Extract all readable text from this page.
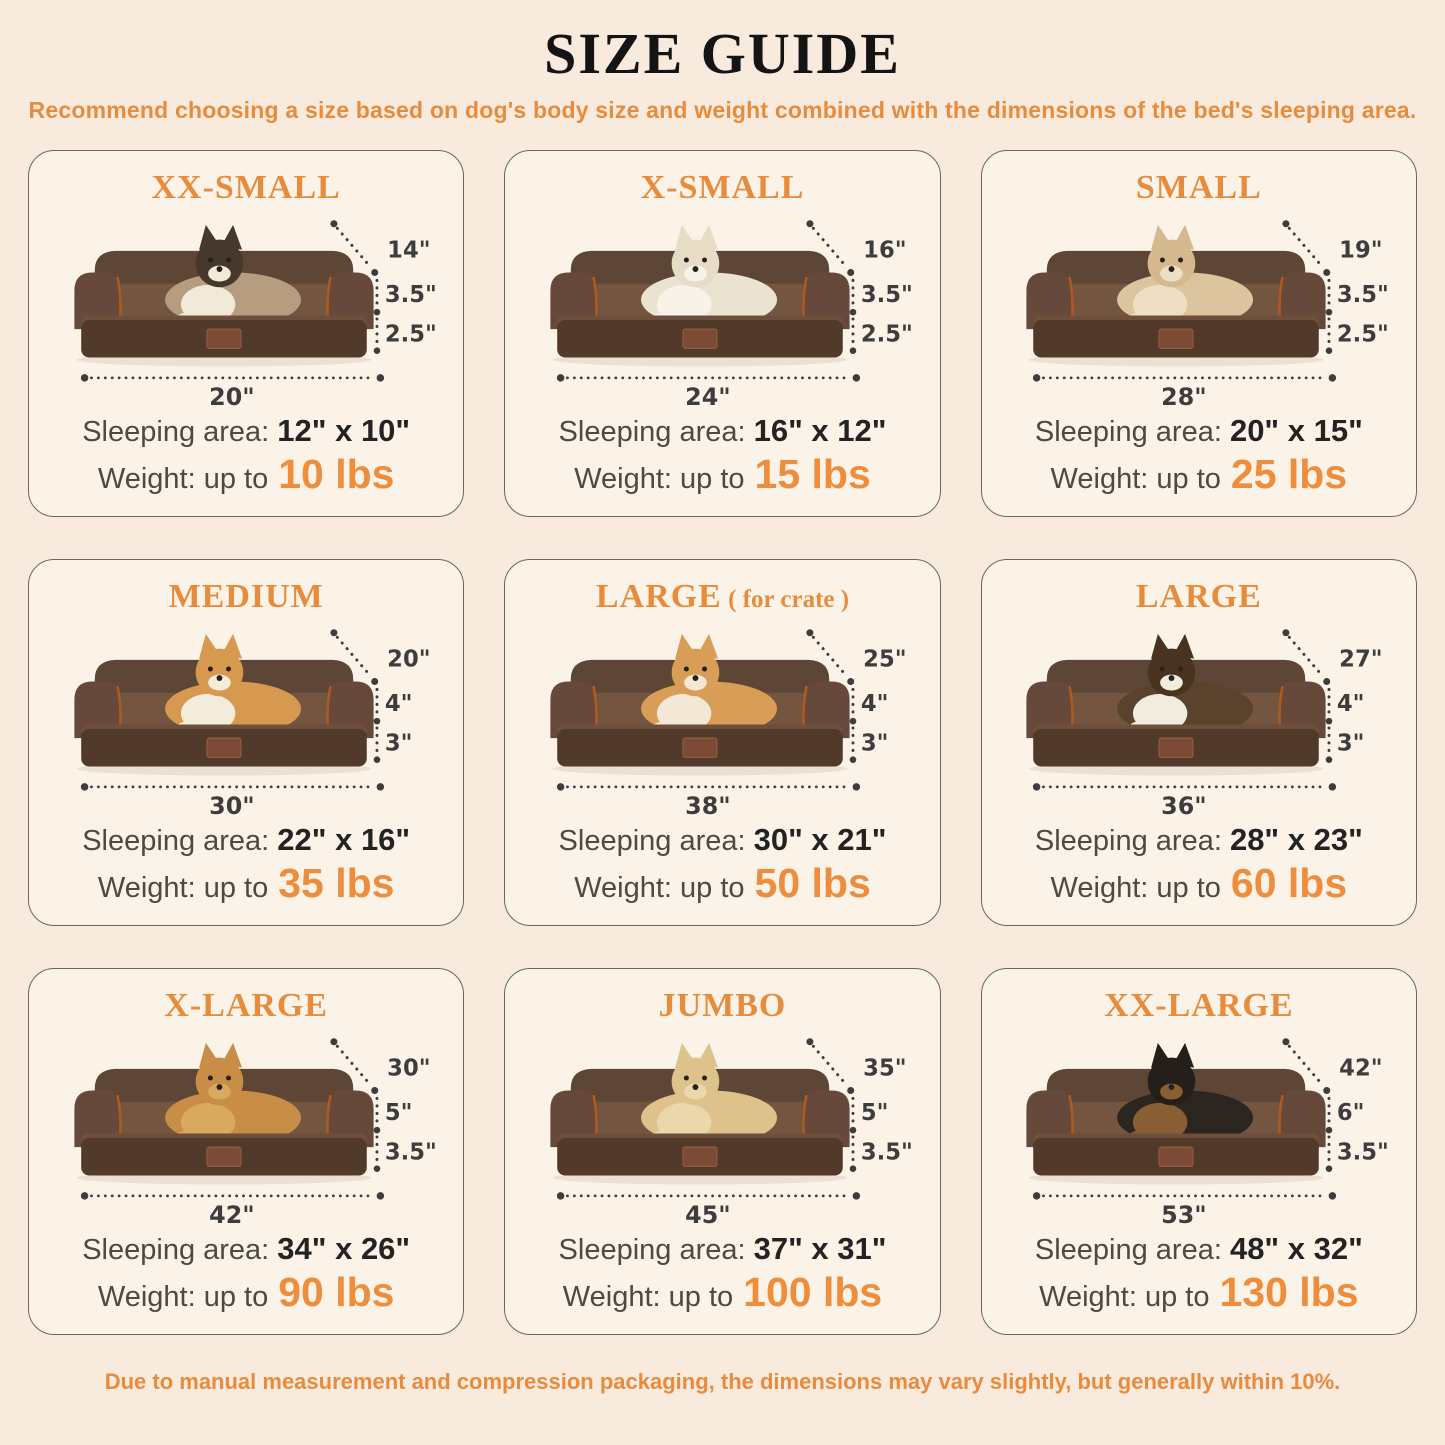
SIZE GUIDE

Recommend choosing a size based on dog's body size and weight combined with the dimensions of the bed's sleeping area.

XX-SMALL
14"
3.5"
2.5"
20"

Sleeping area: 12" x 10"

Weight: up to 10 lbs

X-SMALL
16"
3.5"
2.5"
24"

Sleeping area: 16" x 12"

Weight: up to 15 lbs

SMALL
19"
3.5"
2.5"
28"

Sleeping area: 20" x 15"

Weight: up to 25 lbs

MEDIUM
20"
4"
3"
30"

Sleeping area: 22" x 16"

Weight: up to 35 lbs

LARGE ( for crate )
25"
4"
3"
38"

Sleeping area: 30" x 21"

Weight: up to 50 lbs

LARGE
27"
4"
3"
36"

Sleeping area: 28" x 23"

Weight: up to 60 lbs

X-LARGE
30"
5"
3.5"
42"

Sleeping area: 34" x 26"

Weight: up to 90 lbs

JUMBO
35"
5"
3.5"
45"

Sleeping area: 37" x 31"

Weight: up to 100 lbs

XX-LARGE
42"
6"
3.5"
53"

Sleeping area: 48" x 32"

Weight: up to 130 lbs

Due to manual measurement and compression packaging, the dimensions may vary slightly, but generally within 10%.
